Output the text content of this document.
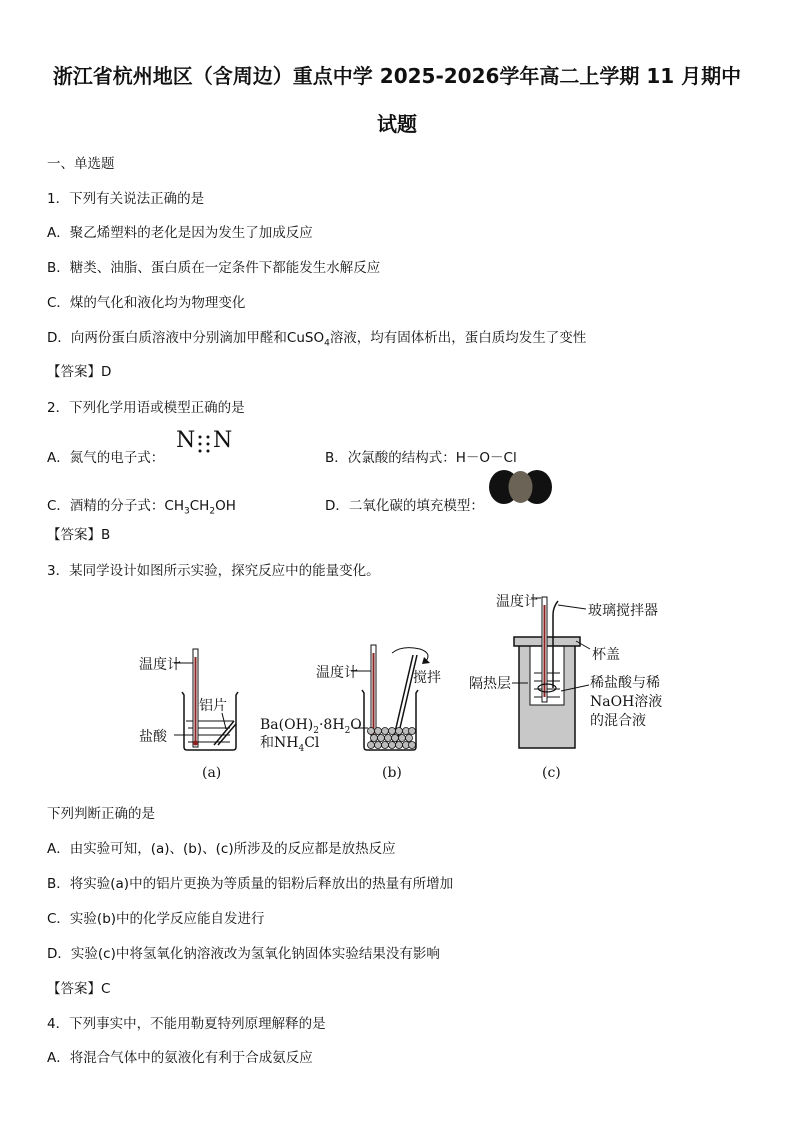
浙江省杭州地区（含周边）重点中学 2025-2026学年高二上学期 11 月期中
试题
一、单选题
1．下列有关说法正确的是
A．聚乙烯塑料的老化是因为发生了加成反应
B．糖类、油脂、蛋白质在一定条件下都能发生水解反应
C．煤的气化和液化均为物理变化
D．向两份蛋白质溶液中分别滴加甲醛和CuSO$_4$溶液，均有固体析出，蛋白质均发生了变性
【答案】D
2．下列化学用语或模型正确的是
A．氮气的电子式：
N N
B．次氯酸的结构式：H－O－Cl
C．酒精的分子式：$CH_3CH_2OH$	D．二氧化碳的填充模型：
【答案】B
3．某同学设计如图所示实验，探究反应中的能量变化。
温度计
铝片
盐酸
(a)
温度计	搅拌
$Ba(OH)_2\cdot 8H_2O$
和$NH_4Cl$
(b)
温度计
玻璃搅拌器
杯盖
隔热层	稀盐酸与稀
NaOH溶液
的混合液
(c)
下列判断正确的是
A．由实验可知，(a)、(b)、(c)所涉及的反应都是放热反应
B．将实验(a)中的铝片更换为等质量的铝粉后释放出的热量有所增加
C．实验(b)中的化学反应能自发进行
D．实验(c)中将氢氧化钠溶液改为氢氧化钠固体实验结果没有影响
【答案】C
4．下列事实中，不能用勒夏特列原理解释的是
A．将混合气体中的氨液化有利于合成氨反应
